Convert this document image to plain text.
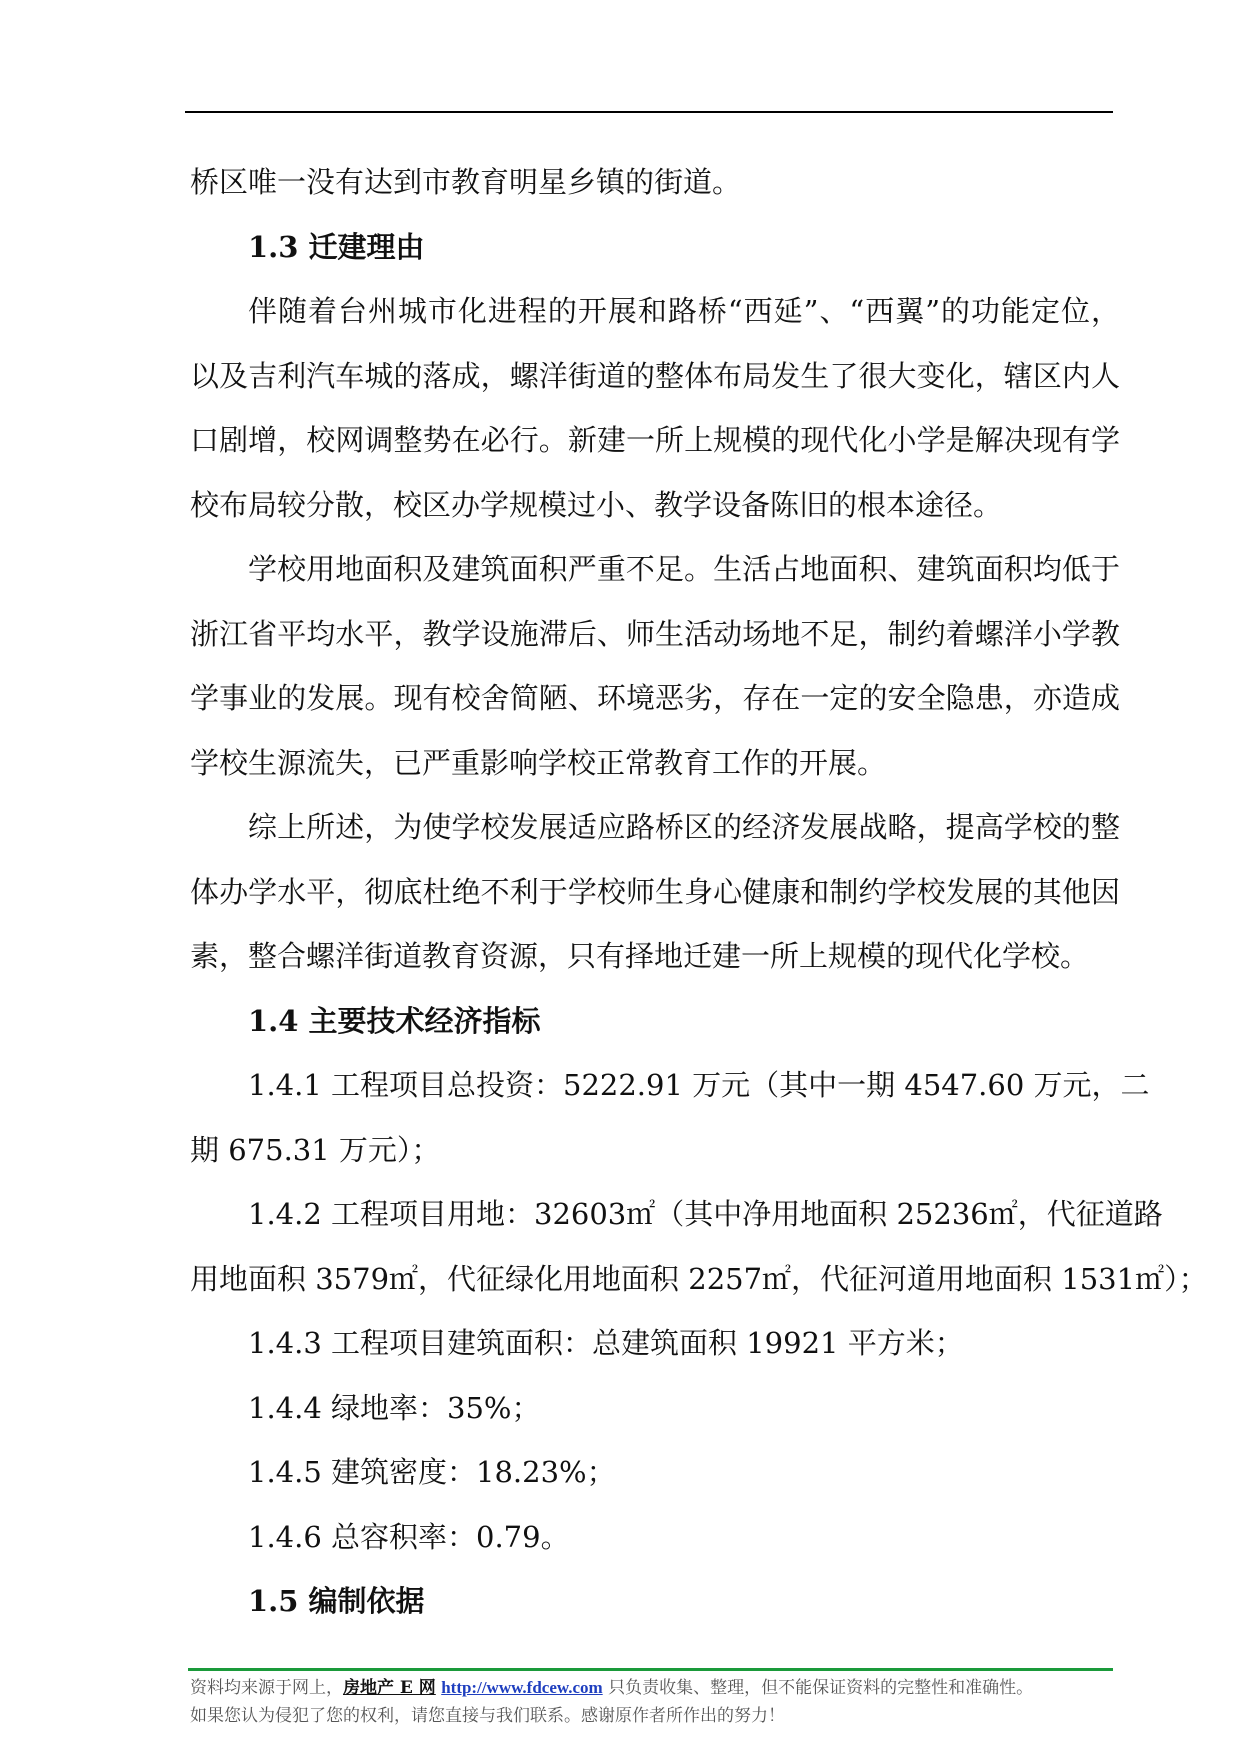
桥区唯一没有达到市教育明星乡镇的街道。
1.3 迁建理由
伴随着台州城市化进程的开展和路桥“西延”、“西翼”的功能定位，
以及吉利汽车城的落成，螺洋街道的整体布局发生了很大变化，辖区内人
口剧增，校网调整势在必行。新建一所上规模的现代化小学是解决现有学
校布局较分散，校区办学规模过小、教学设备陈旧的根本途径。
学校用地面积及建筑面积严重不足。生活占地面积、建筑面积均低于
浙江省平均水平，教学设施滞后、师生活动场地不足，制约着螺洋小学教
学事业的发展。现有校舍简陋、环境恶劣，存在一定的安全隐患，亦造成
学校生源流失，已严重影响学校正常教育工作的开展。
综上所述，为使学校发展适应路桥区的经济发展战略，提高学校的整
体办学水平，彻底杜绝不利于学校师生身心健康和制约学校发展的其他因
素，整合螺洋街道教育资源，只有择地迁建一所上规模的现代化学校。
1.4 主要技术经济指标
1.4.1 工程项目总投资：5222.91 万元（其中一期 4547.60 万元，二
期 675.31 万元）；
1.4.2 工程项目用地：32603㎡（其中净用地面积 25236㎡，代征道路
用地面积 3579㎡，代征绿化用地面积 2257㎡，代征河道用地面积 1531㎡）；
1.4.3 工程项目建筑面积：总建筑面积 19921 平方米；
1.4.4 绿地率：35%；
1.4.5 建筑密度：18.23%；
1.4.6 总容积率：0.79。
1.5 编制依据
资料均来源于网上，房地产 E 网 http://www.fdcew.com 只负责收集、整理，但不能保证资料的完整性和准确性。
如果您认为侵犯了您的权利，请您直接与我们联系。感谢原作者所作出的努力！
